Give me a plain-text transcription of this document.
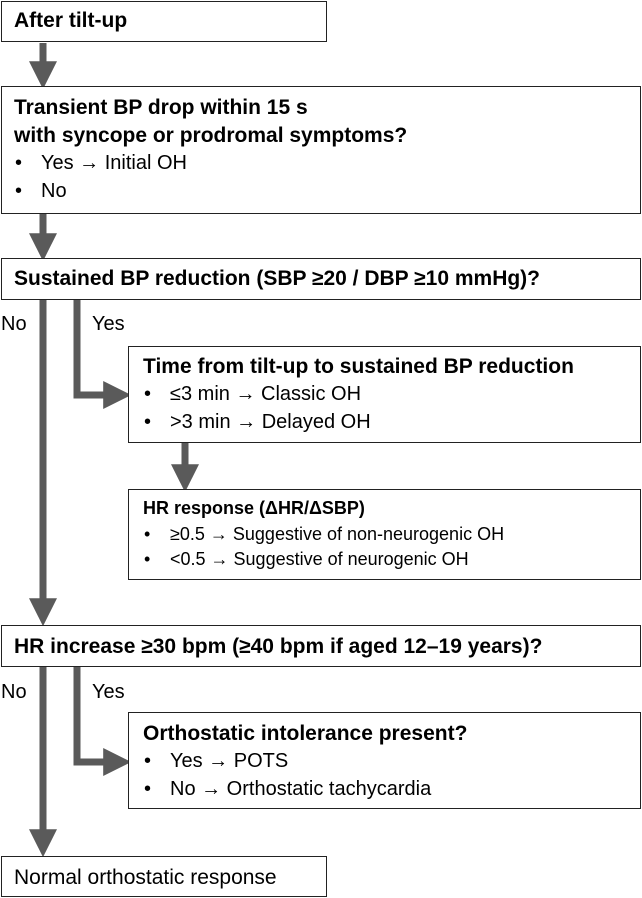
After tilt-up
Transient BP drop within 15 s
with syncope or prodromal symptoms?
• Yes → Initial OH
• No
Sustained BP reduction (SBP ≥20 / DBP ≥10 mmHg)?
No	Yes
Time from tilt-up to sustained BP reduction
• ≤3 min → Classic OH
• >3 min → Delayed OH
HR response (ΔHR/ΔSBP)
• ≥0.5 → Suggestive of non-neurogenic OH
• <0.5 → Suggestive of neurogenic OH
HR increase ≥30 bpm (≥40 bpm if aged 12–19 years)?
No	Yes
Orthostatic intolerance present?
• Yes → POTS
• No → Orthostatic tachycardia
Normal orthostatic response
